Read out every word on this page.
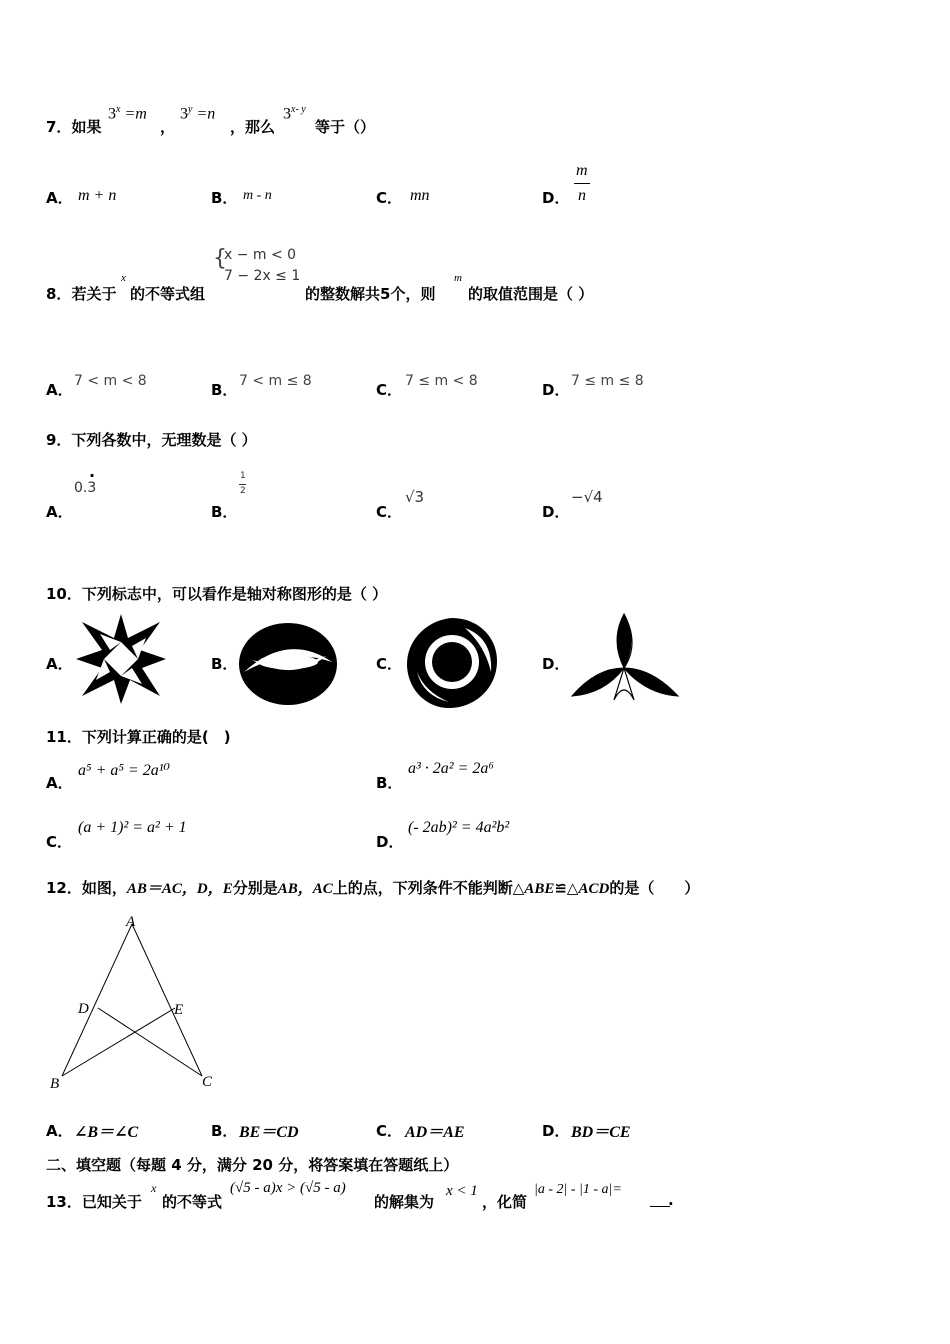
7．如果
$3^x =m$
，
$3^y =n$
，那么
3$^{x- y}$
等于（）
A． m + n	B． m - n	C． mn	D．
m
n
8．若关于
x
的不等式组
{
x − m < 0
7 − 2x ≤ 1
的整数解共5个，则
m
的取值范围是（ ）
A． 7 < m < 8	B． 7 < m ≤ 8	C． 7 ≤ m < 8	D． 7 ≤ m ≤ 8
9．下列各数中，无理数是（ ）
A．
0.3
·
B．
1
2
C．
√3
D．
−√4
10．下列标志中，可以看作是轴对称图形的是（ ）
A．	B．	C．	D．
11．下列计算正确的是(　)
A．
a⁵ + a⁵ = 2a¹⁰
B．
a³ · 2a² = 2a⁶
C．
(a + 1)² = a² + 1
D．
(- 2ab)² = 4a²b²
12．如图，AB＝AC，D，E分别是AB，AC上的点，下列条件不能判断△ABE≌△ACD的是（　　）
A
D	E
B	C
A． ∠B＝∠C	B． BE＝CD	C． AD＝AE	D． BD＝CE
二、填空题（每题 4 分，满分 20 分，将答案填在答题纸上）
13．已知关于
x
的不等式
(√5 - a)x > (√5 - a)
的解集为
x < 1
，化简
|a - 2| - |1 - a|=
.
